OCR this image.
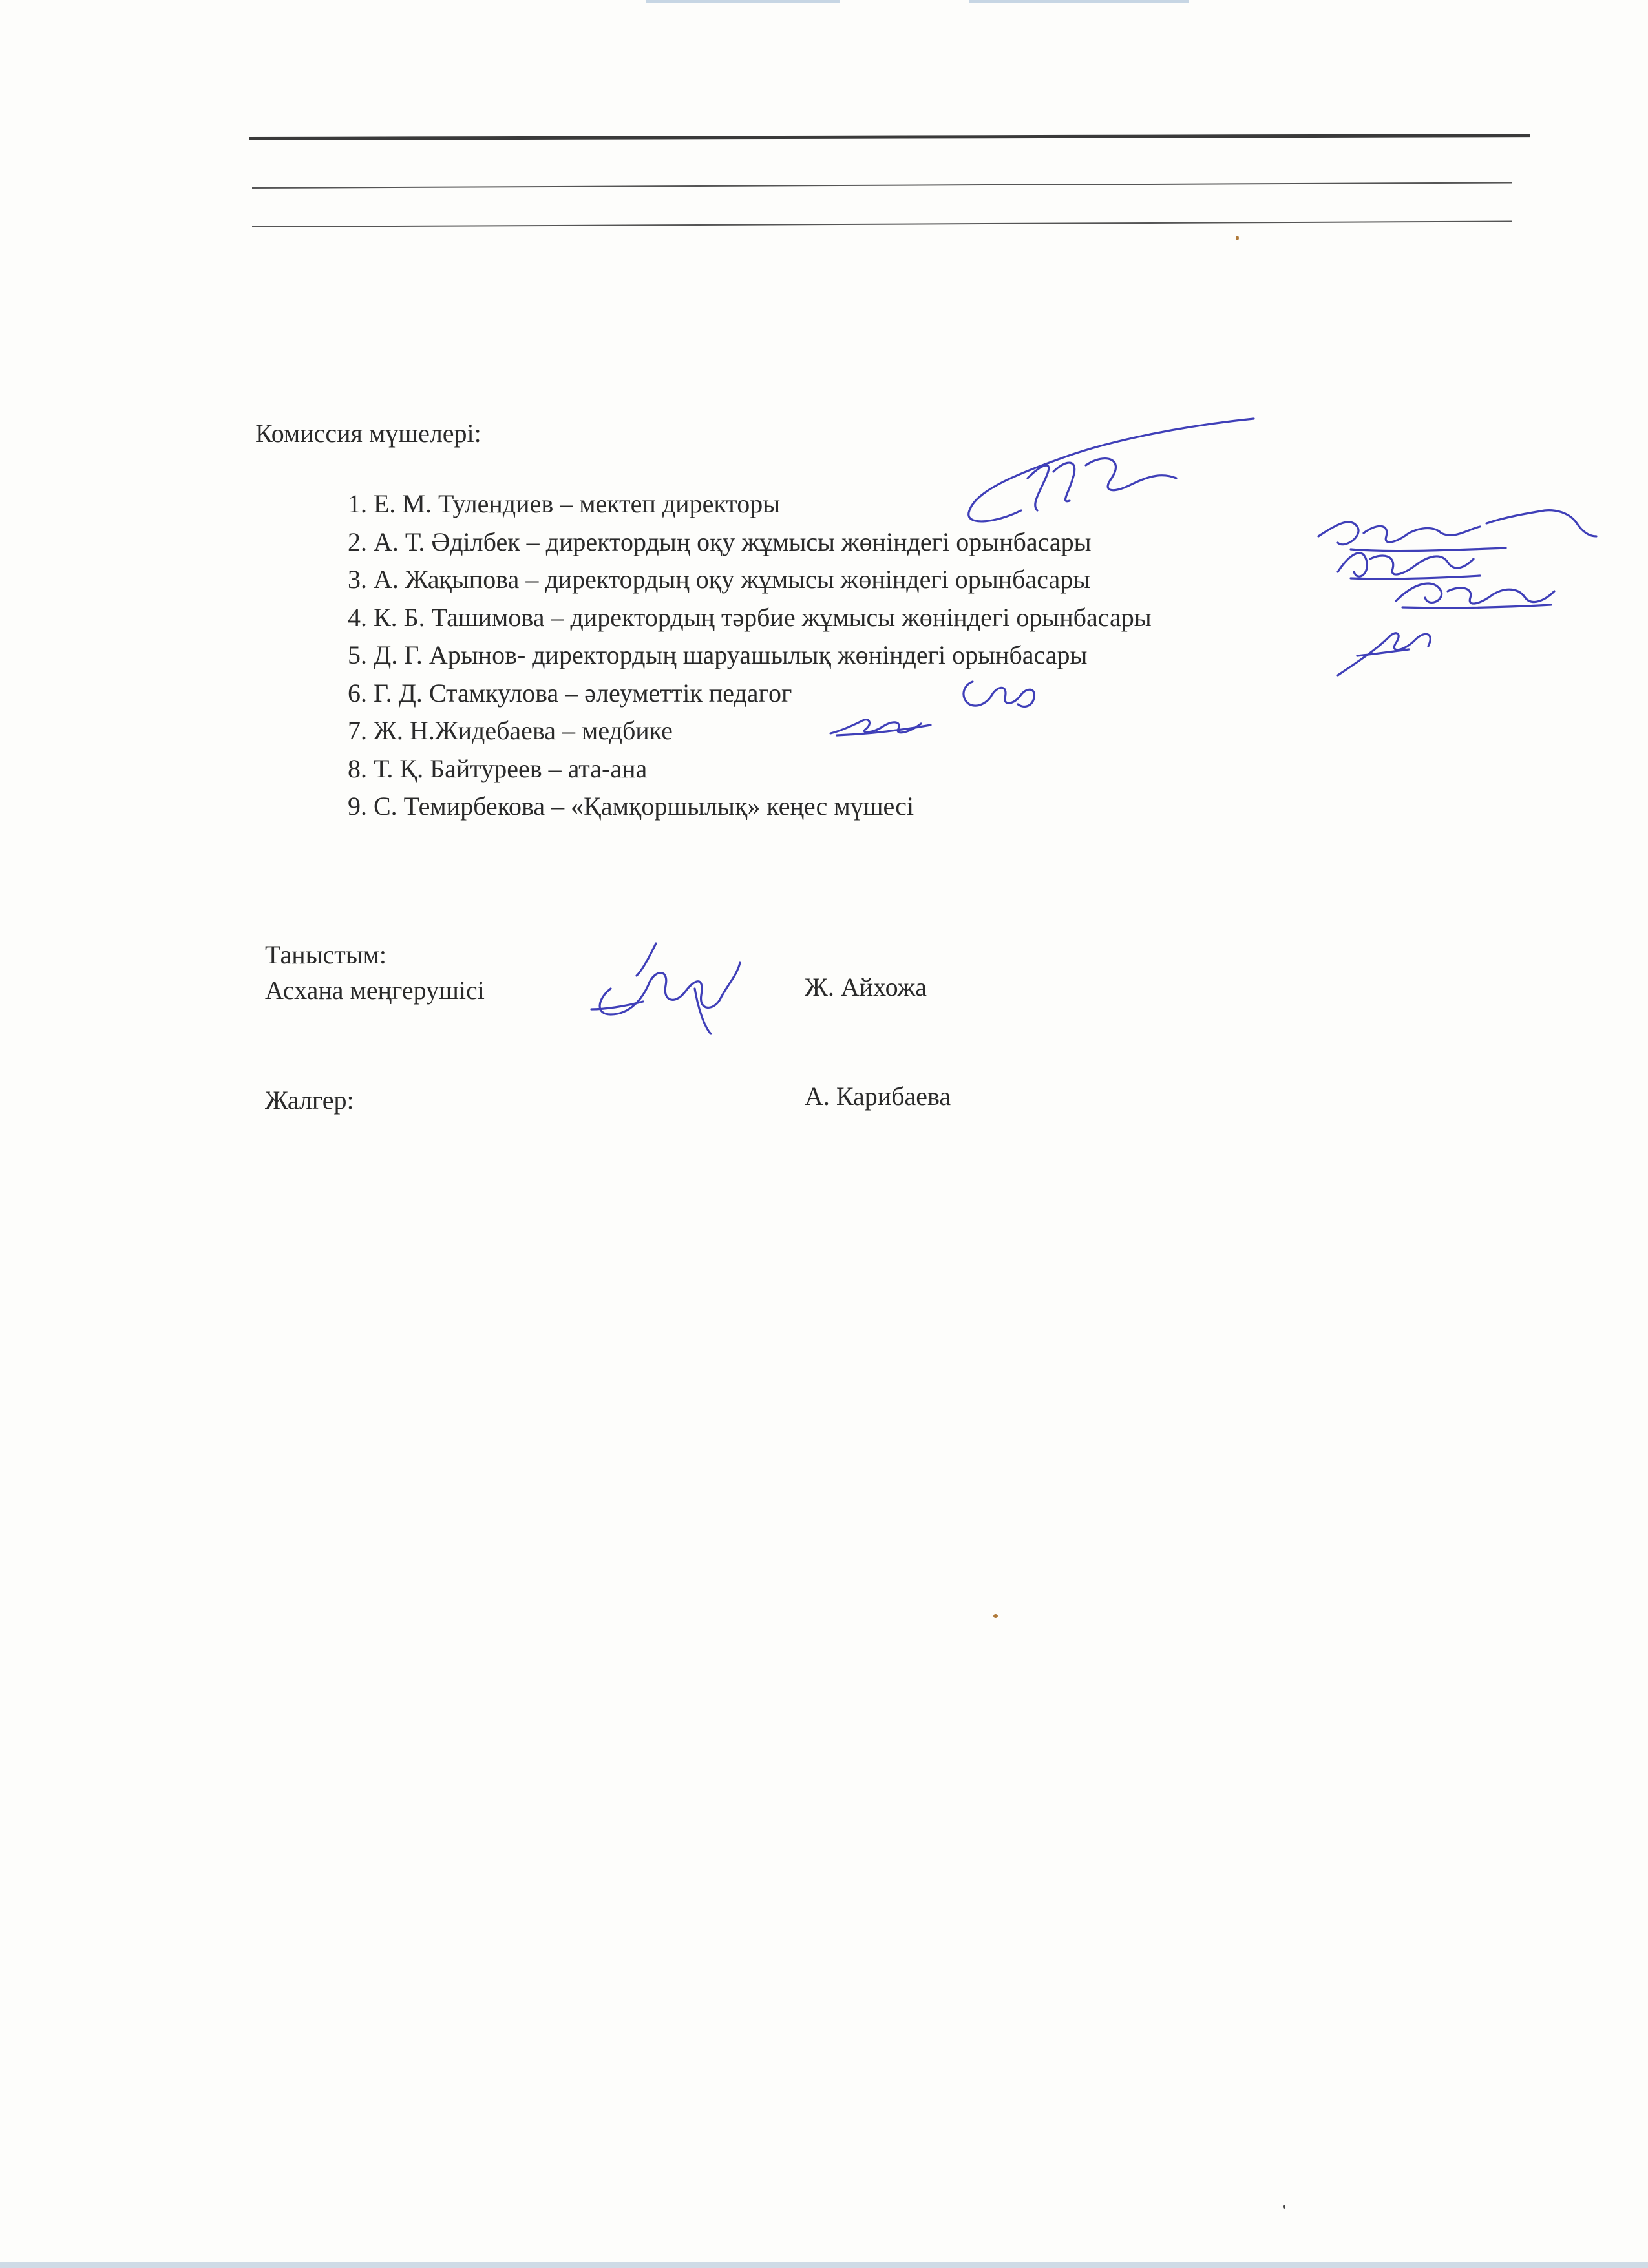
Комиссия мүшелері:
1. Е. М. Тулендиев – мектеп директоры
2. А. Т. Әділбек – директордың оқу жұмысы жөніндегі орынбасары
3. А. Жақыпова – директордың оқу жұмысы жөніндегі орынбасары
4. К. Б. Ташимова – директордың тәрбие жұмысы жөніндегі орынбасары
5. Д. Г. Арынов- директордың шаруашылық жөніндегі орынбасары
6. Г. Д. Стамкулова – әлеуметтік педагог
7. Ж. Н.Жидебаева – медбике
8. Т. Қ. Байтуреев – ата-ана
9. С. Темирбекова – «Қамқоршылық» кеңес мүшесі
Таныстым:
Асхана меңгерушісі	Ж. Айхожа
Жалгер:	А. Карибаева
